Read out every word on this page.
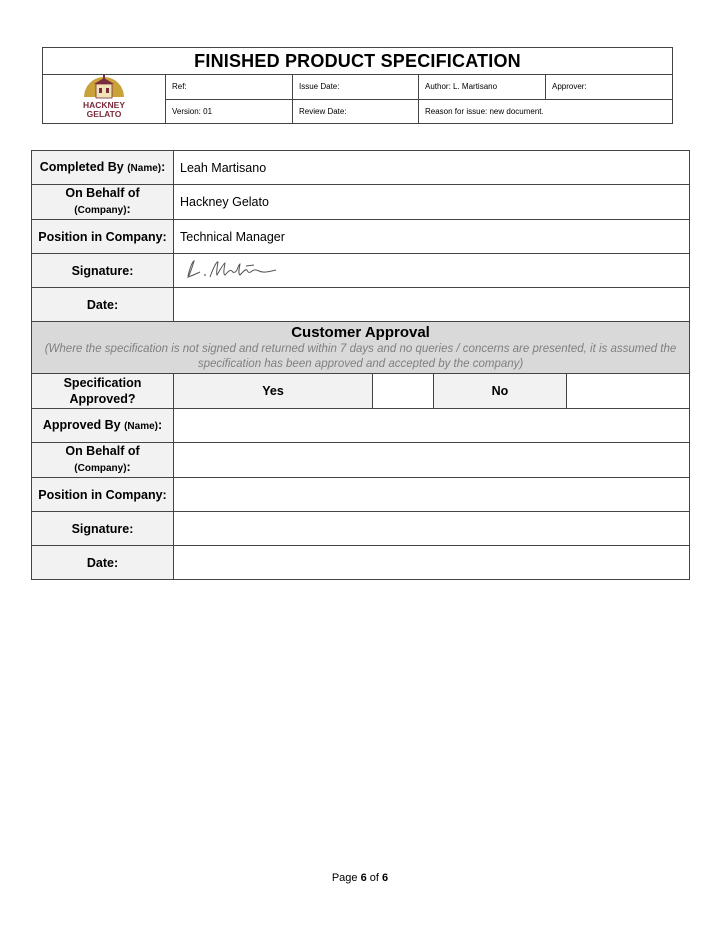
FINISHED PRODUCT SPECIFICATION				

HACKNEY
GELATO	Ref:	Issue Date:	Author: L. Martisano	Approver:
	Version: 01	Review Date:	Reason for issue: new document.	
Completed By (Name):	Leah Martisano			
On Behalf of
(Company):	Hackney Gelato			
Position in Company:	Technical Manager			
Signature:	
Date:				

Customer Approval
(Where the specification is not signed and returned within 7 days and no queries / concerns are presented, it is assumed the specification has been approved and accepted by the company)				

Specification Approved?	Yes		No	
Approved By (Name):				
On Behalf of
(Company):				
Position in Company:				
Signature:				
Date:				
Page 6 of 6
